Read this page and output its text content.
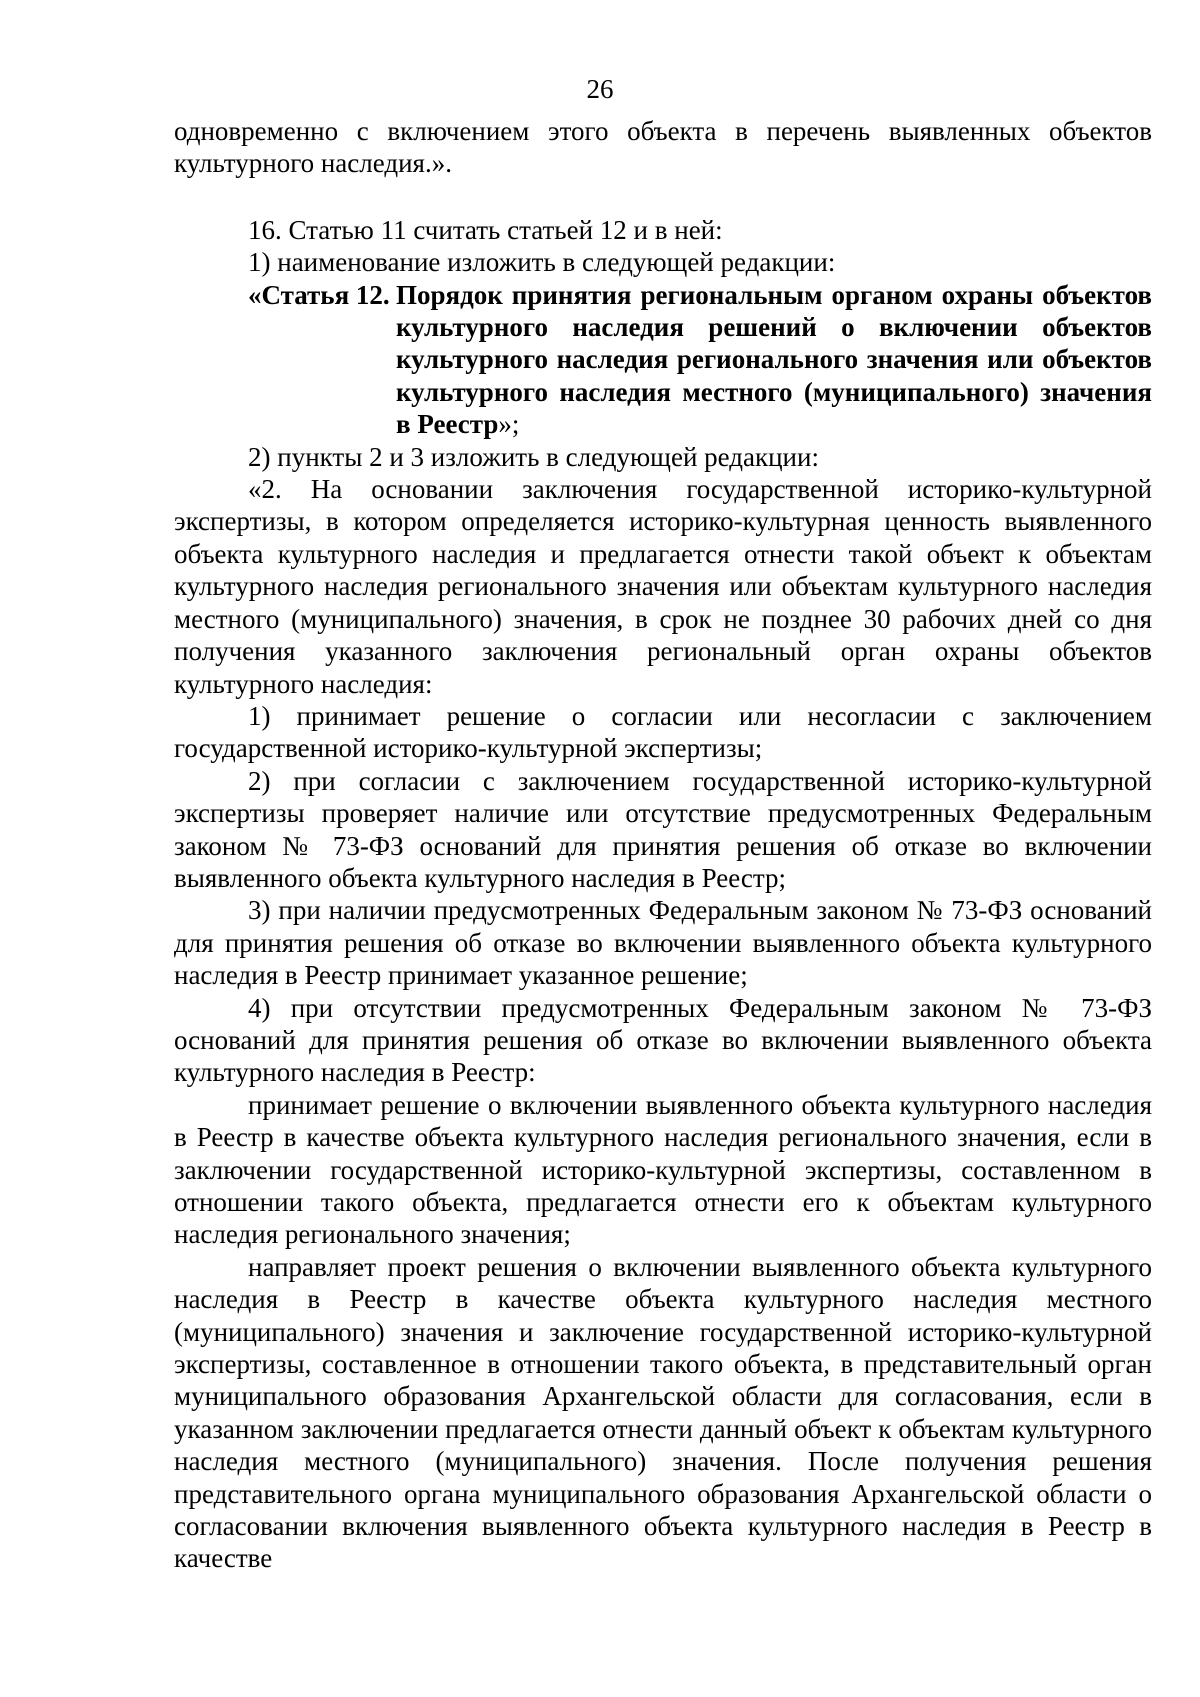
26

одновременно с включением этого объекта в перечень выявленных объектов культурного наследия.».

16. Статью 11 считать статьей 12 и в ней:

1) наименование изложить в следующей редакции:

«Статья 12. Порядок принятия региональным органом охраны объектов культурного наследия решений о включении объектов культурного наследия регионального значения или объектов культурного наследия местного (муниципального) значения в Реестр»;

2) пункты 2 и 3 изложить в следующей редакции:

«2. На основании заключения государственной историко-культурной экспертизы, в котором определяется историко-культурная ценность выявленного объекта культурного наследия и предлагается отнести такой объект к объектам культурного наследия регионального значения или объектам культурного наследия местного (муниципального) значения, в срок не позднее 30 рабочих дней со дня получения указанного заключения региональный орган охраны объектов культурного наследия:

1) принимает решение о согласии или несогласии с заключением государственной историко-культурной экспертизы;

2) при согласии с заключением государственной историко-культурной экспертизы проверяет наличие или отсутствие предусмотренных Федеральным законом № 73-ФЗ оснований для принятия решения об отказе во включении выявленного объекта культурного наследия в Реестр;

3) при наличии предусмотренных Федеральным законом № 73-ФЗ оснований для принятия решения об отказе во включении выявленного объекта культурного наследия в Реестр принимает указанное решение;

4) при отсутствии предусмотренных Федеральным законом № 73-ФЗ оснований для принятия решения об отказе во включении выявленного объекта культурного наследия в Реестр:

принимает решение о включении выявленного объекта культурного наследия в Реестр в качестве объекта культурного наследия регионального значения, если в заключении государственной историко-культурной экспертизы, составленном в отношении такого объекта, предлагается отнести его к объектам культурного наследия регионального значения;

направляет проект решения о включении выявленного объекта культурного наследия в Реестр в качестве объекта культурного наследия местного (муниципального) значения и заключение государственной историко-культурной экспертизы, составленное в отношении такого объекта, в представительный орган муниципального образования Архангельской области для согласования, если в указанном заключении предлагается отнести данный объект к объектам культурного наследия местного (муниципального) значения. После получения решения представительного органа муниципального образования Архангельской области о согласовании включения выявленного объекта культурного наследия в Реестр в качестве
